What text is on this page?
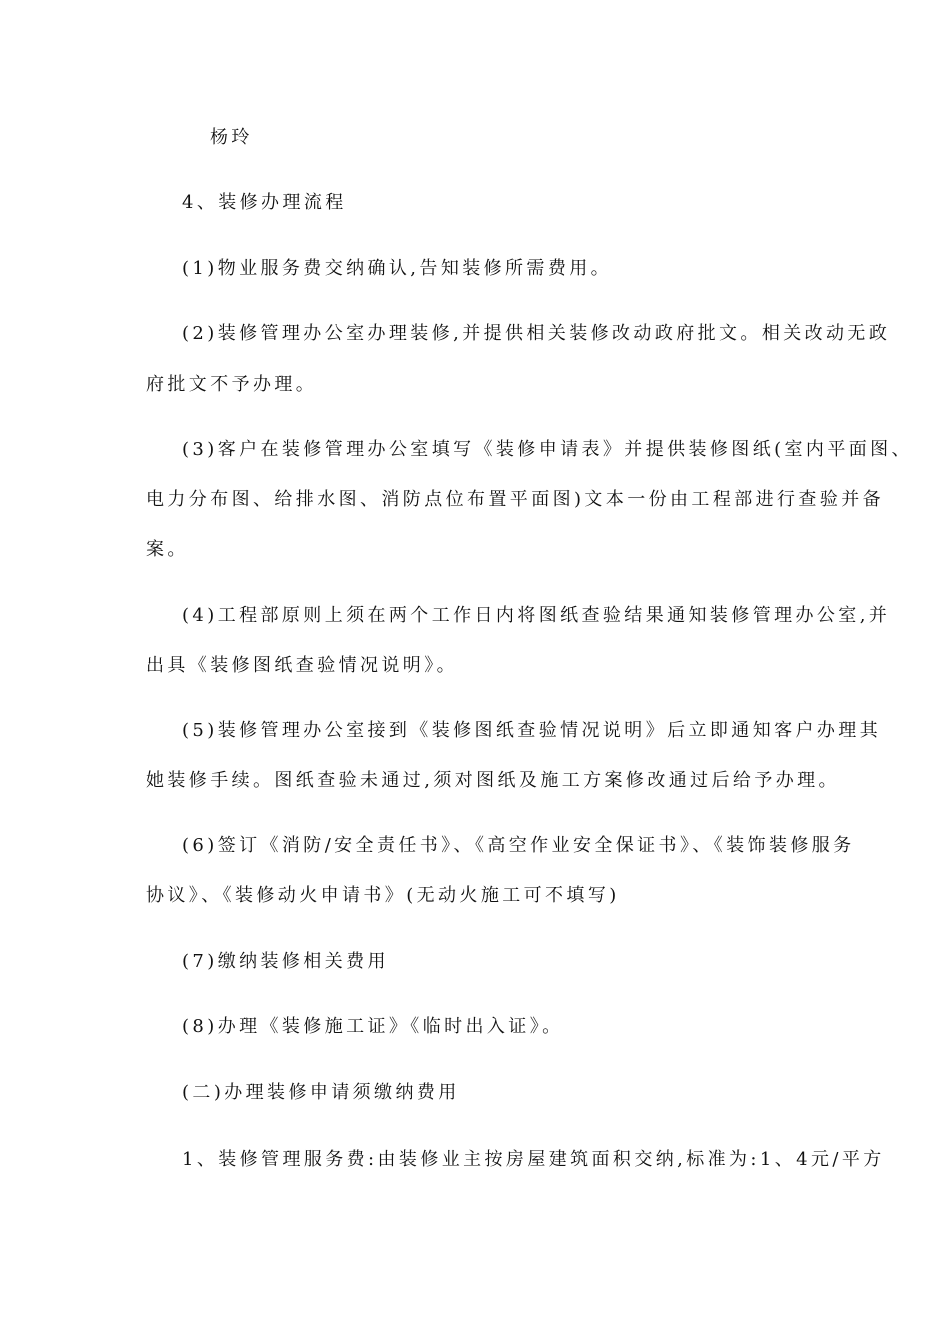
杨玲
4、装修办理流程
(1)物业服务费交纳确认,告知装修所需费用。
(2)装修管理办公室办理装修,并提供相关装修改动政府批文。相关改动无政
府批文不予办理。
(3)客户在装修管理办公室填写《装修申请表》并提供装修图纸(室内平面图、
电力分布图、给排水图、消防点位布置平面图)文本一份由工程部进行查验并备
案。
(4)工程部原则上须在两个工作日内将图纸查验结果通知装修管理办公室,并
出具《装修图纸查验情况说明》。
(5)装修管理办公室接到《装修图纸查验情况说明》后立即通知客户办理其
她装修手续。图纸查验未通过,须对图纸及施工方案修改通过后给予办理。
(6)签订《消防/安全责任书》、《高空作业安全保证书》、《装饰装修服务
协议》、《装修动火申请书》(无动火施工可不填写)
(7)缴纳装修相关费用
(8)办理《装修施工证》《临时出入证》。
(二)办理装修申请须缴纳费用
1、装修管理服务费:由装修业主按房屋建筑面积交纳,标准为:1、4元/平方
